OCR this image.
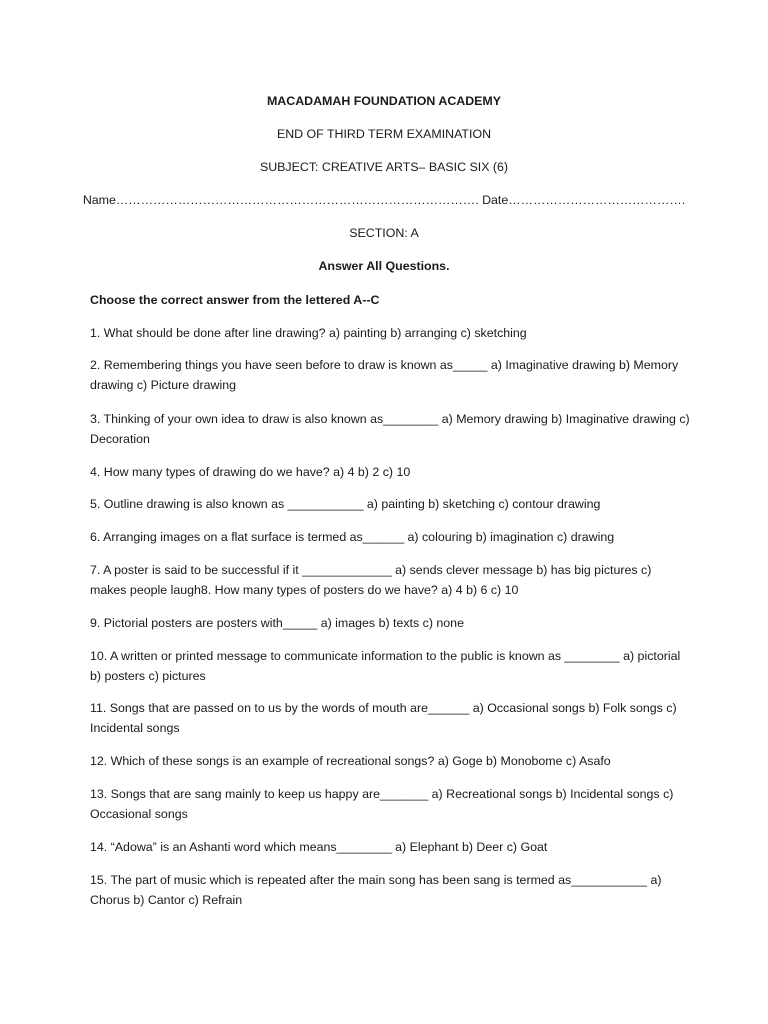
MACADAMAH FOUNDATION ACADEMY
END OF THIRD TERM EXAMINATION
SUBJECT: CREATIVE ARTS– BASIC SIX (6)
Name……………………………………………………………………………. Date…………………………………….
SECTION: A
Answer All Questions.
Choose the correct answer from the lettered A--C
1. What should be done after line drawing? a) painting b) arranging c) sketching
2. Remembering things you have seen before to draw is known as_____ a) Imaginative drawing b) Memory drawing c) Picture drawing
3. Thinking of your own idea to draw is also known as________ a) Memory drawing b) Imaginative drawing c) Decoration
4. How many types of drawing do we have? a) 4 b) 2 c) 10
5. Outline drawing is also known as ___________ a) painting b) sketching c) contour drawing
6. Arranging images on a flat surface is termed as______ a) colouring b) imagination c) drawing
7. A poster is said to be successful if it _____________ a) sends clever message b) has big pictures c) makes people laugh8. How many types of posters do we have? a) 4 b) 6 c) 10
9. Pictorial posters are posters with_____ a) images b) texts c) none
10. A written or printed message to communicate information to the public is known as ________ a) pictorial b) posters c) pictures
11. Songs that are passed on to us by the words of mouth are______ a) Occasional songs b) Folk songs c) Incidental songs
12. Which of these songs is an example of recreational songs? a) Goge b) Monobome c) Asafo
13. Songs that are sang mainly to keep us happy are_______ a) Recreational songs b) Incidental songs c) Occasional songs
14. “Adowa” is an Ashanti word which means________ a) Elephant b) Deer c) Goat
15. The part of music which is repeated after the main song has been sang is termed as___________ a) Chorus b) Cantor c) Refrain
